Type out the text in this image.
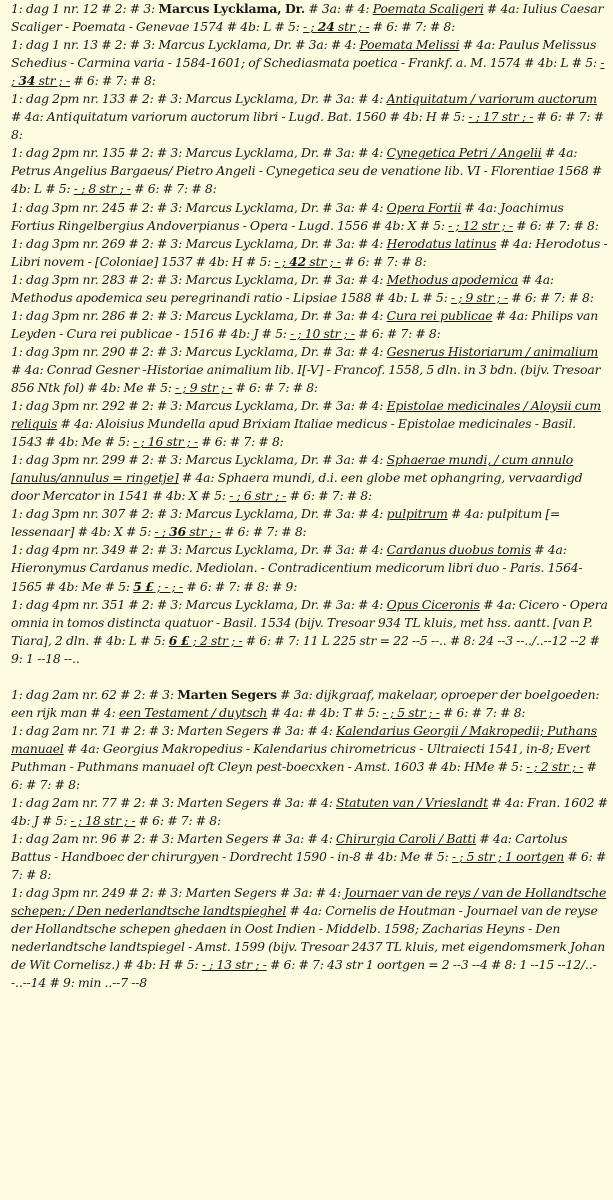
1: dag 1 nr. 12 # 2: # 3: Marcus Lycklama, Dr. # 3a: # 4: Poemata Scaligeri # 4a: Iulius Caesar Scaliger - Poemata - Genevae 1574 # 4b: L # 5: - ; 24 str ; - # 6: # 7: # 8:

1: dag 1 nr. 13 # 2: # 3: Marcus Lycklama, Dr. # 3a: # 4: Poemata Melissi # 4a: Paulus Melissus Schedius - Carmina varia - 1584-1601; of Schediasmata poetica - Frankf. a. M. 1574 # 4b: L # 5: - ; 34 str ; - # 6: # 7: # 8:

1: dag 2pm nr. 133 # 2: # 3: Marcus Lycklama, Dr. # 3a: # 4: Antiquitatum / variorum auctorum # 4a: Antiquitatum variorum auctorum libri - Lugd. Bat. 1560 # 4b: H # 5: - ; 17 str ; - # 6: # 7: # 8:

1: dag 2pm nr. 135 # 2: # 3: Marcus Lycklama, Dr. # 3a: # 4: Cynegetica Petri / Angelii # 4a: Petrus Angelius Bargaeus/ Pietro Angeli - Cynegetica seu de venatione lib. VI - Florentiae 1568 # 4b: L # 5: - ; 8 str ; - # 6: # 7: # 8:

1: dag 3pm nr. 245 # 2: # 3: Marcus Lycklama, Dr. # 3a: # 4: Opera Fortii # 4a: Joachimus Fortius Ringelbergius Andoverpianus - Opera - Lugd. 1556 # 4b: X # 5: - ; 12 str ; - # 6: # 7: # 8:

1: dag 3pm nr. 269 # 2: # 3: Marcus Lycklama, Dr. # 3a: # 4: Herodatus latinus # 4a: Herodotus - Libri novem - [Coloniae] 1537 # 4b: H # 5: - ; 42 str ; - # 6: # 7: # 8:

1: dag 3pm nr. 283 # 2: # 3: Marcus Lycklama, Dr. # 3a: # 4: Methodus apodemica # 4a: Methodus apodemica seu peregrinandi ratio - Lipsiae 1588 # 4b: L # 5: - ; 9 str ; - # 6: # 7: # 8:

1: dag 3pm nr. 286 # 2: # 3: Marcus Lycklama, Dr. # 3a: # 4: Cura rei publicae # 4a: Philips van Leyden - Cura rei publicae - 1516 # 4b: J # 5: - ; 10 str ; - # 6: # 7: # 8:

1: dag 3pm nr. 290 # 2: # 3: Marcus Lycklama, Dr. # 3a: # 4: Gesnerus Historiarum / animalium # 4a: Conrad Gesner -Historiae animalium lib. I[-V] - Francof. 1558, 5 dln. in 3 bdn. (bijv. Tresoar 856 Ntk fol) # 4b: Me # 5: - ; 9 str ; - # 6: # 7: # 8:

1: dag 3pm nr. 292 # 2: # 3: Marcus Lycklama, Dr. # 3a: # 4: Epistolae medicinales / Aloysii cum reliquis # 4a: Aloisius Mundella apud Brixiam Italiae medicus - Epistolae medicinales - Basil. 1543 # 4b: Me # 5: - ; 16 str ; - # 6: # 7: # 8:

1: dag 3pm nr. 299 # 2: # 3: Marcus Lycklama, Dr. # 3a: # 4: Sphaerae mundi, / cum annulo [anulus/annulus = ringetje] # 4a: Sphaera mundi, d.i. een globe met ophangring, vervaardigd door Mercator in 1541 # 4b: X # 5: - ; 6 str ; - # 6: # 7: # 8:

1: dag 3pm nr. 307 # 2: # 3: Marcus Lycklama, Dr. # 3a: # 4: pulpitrum # 4a: pulpitum [= lessenaar] # 4b: X # 5: - ; 36 str ; - # 6: # 7: # 8:

1: dag 4pm nr. 349 # 2: # 3: Marcus Lycklama, Dr. # 3a: # 4: Cardanus duobus tomis # 4a: Hieronymus Cardanus medic. Mediolan. - Contradicentium medicorum libri duo - Paris. 1564-1565 # 4b: Me # 5: 5 £ ; - ; - # 6: # 7: # 8: # 9:

1: dag 4pm nr. 351 # 2: # 3: Marcus Lycklama, Dr. # 3a: # 4: Opus Ciceronis # 4a: Cicero - Opera omnia in tomos distincta quatuor - Basil. 1534 (bijv. Tresoar 934 TL kluis, met hss. aantt. [van P. Tiara], 2 dln. # 4b: L # 5: 6 £ ; 2 str ; - # 6: # 7: 11 L 225 str = 22 --5 --.. # 8: 24 --3 --../..--12 --2 # 9: 1 --18 --..

1: dag 2am nr. 62 # 2: # 3: Marten Segers # 3a: dijkgraaf, makelaar, oproeper der boelgoeden: een rijk man # 4: een Testament / duytsch # 4a: # 4b: T # 5: - ; 5 str ; - # 6: # 7: # 8:

1: dag 2am nr. 71 # 2: # 3: Marten Segers # 3a: # 4: Kalendarius Georgii / Makropedii; Puthans manuael # 4a: Georgius Makropedius - Kalendarius chirometricus - Ultraiecti 1541, in-8; Evert Puthman - Puthmans manuael oft Cleyn pest-boecxken - Amst. 1603 # 4b: HMe # 5: - ; 2 str ; - # 6: # 7: # 8:

1: dag 2am nr. 77 # 2: # 3: Marten Segers # 3a: # 4: Statuten van / Vrieslandt # 4a: Fran. 1602 # 4b: J # 5: - ; 18 str ; - # 6: # 7: # 8:

1: dag 2am nr. 96 # 2: # 3: Marten Segers # 3a: # 4: Chirurgia Caroli / Batti # 4a: Cartolus Battus - Handboec der chirurgyen - Dordrecht 1590 - in-8 # 4b: Me # 5: - ; 5 str ; 1 oortgen # 6: # 7: # 8:

1: dag 3pm nr. 249 # 2: # 3: Marten Segers # 3a: # 4: Journaer van de reys / van de Hollandtsche schepen; / Den nederlandtsche landtspieghel # 4a: Cornelis de Houtman - Journael van de reyse der Hollandtsche schepen ghedaen in Oost Indien - Middelb. 1598; Zacharias Heyns - Den nederlandtsche landtspiegel - Amst. 1599 (bijv. Tresoar 2437 TL kluis, met eigendomsmerk Johan de Wit Cornelisz.) # 4b: H # 5: - ; 13 str ; - # 6: # 7: 43 str 1 oortgen = 2 --3 --4 # 8: 1 --15 --12/..--..--14 # 9: min ..--7 --8
